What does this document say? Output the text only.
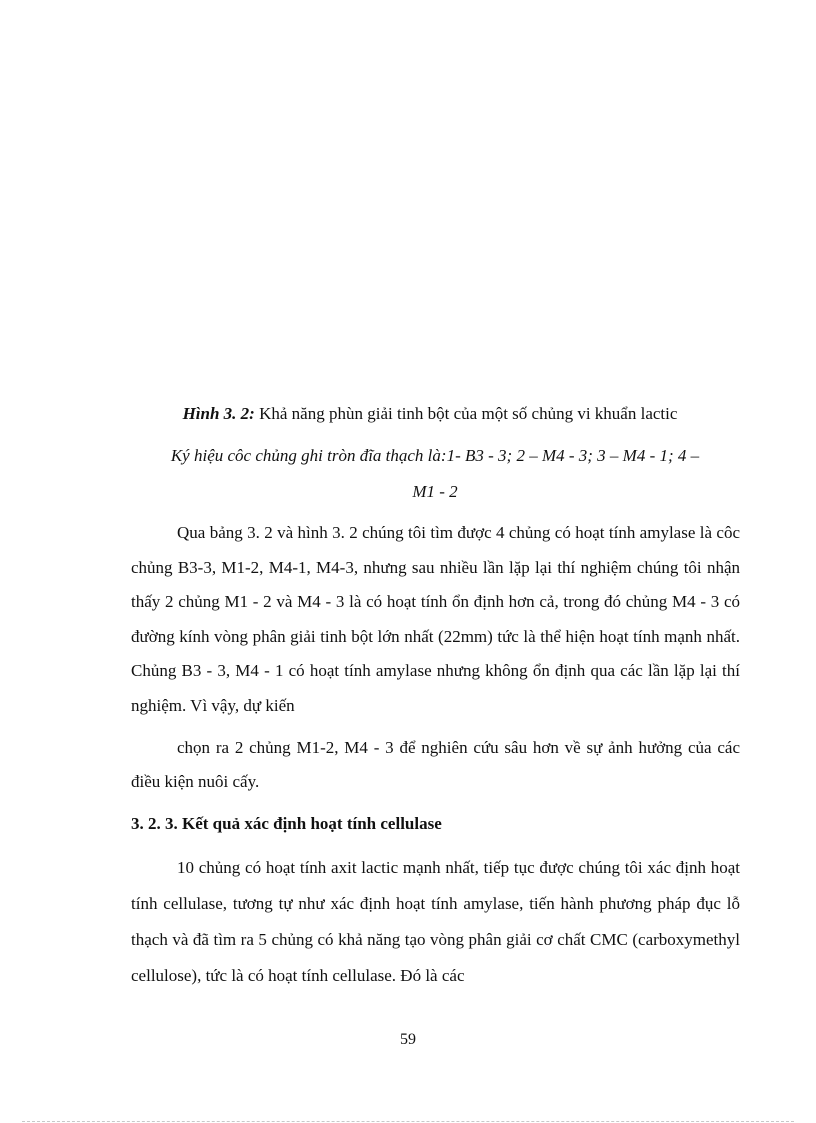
Hình 3. 2: Khả năng phùn giải tinh bột của một số chủng vi khuẩn lactic
Ký hiệu côc chủng ghi tròn đĩa thạch là:1- B3 - 3; 2 – M4 - 3; 3 – M4 - 1; 4 –
M1 - 2

Qua bảng 3. 2 và hình 3. 2 chúng tôi tìm được 4 chủng có hoạt tính amylase là côc chủng B3-3, M1-2, M4-1, M4-3, nhưng sau nhiều lần lặp lại thí nghiệm chúng tôi nhận thấy 2 chủng M1 - 2 và M4 - 3 là có hoạt tính ổn định hơn cả, trong đó chủng M4 - 3 có đường kính vòng phân giải tinh bột lớn nhất (22mm) tức là thể hiện hoạt tính mạnh nhất. Chủng B3 - 3, M4 - 1 có hoạt tính amylase nhưng không ổn định qua các lần lặp lại thí nghiệm. Vì vậy, dự kiến

chọn ra 2 chủng M1-2, M4 - 3 để nghiên cứu sâu hơn về sự ảnh hưởng của các điều kiện nuôi cấy.

3. 2. 3. Kết quả xác định hoạt tính cellulase

10 chủng có hoạt tính axit lactic mạnh nhất, tiếp tục được chúng tôi xác định hoạt tính cellulase, tương tự như xác định hoạt tính amylase, tiến hành phương pháp đục lỗ thạch và đã tìm ra 5 chủng có khả năng tạo vòng phân giải cơ chất CMC (carboxymethyl cellulose), tức là có hoạt tính cellulase. Đó là các

59
